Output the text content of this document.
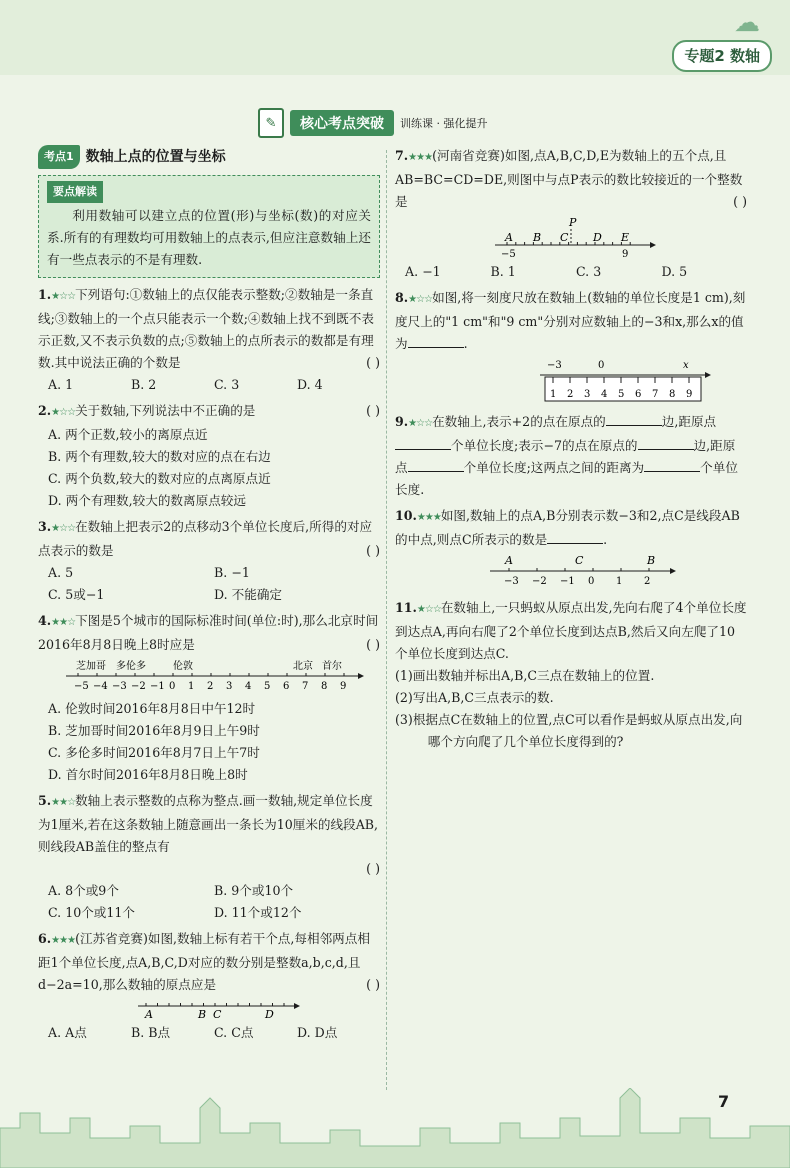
☁
专题2 数轴
✎	核心考点突破	训练课 · 强化提升
考点1 数轴上点的位置与坐标
要点解读
利用数轴可以建立点的位置(形)与坐标(数)的对应关系.所有的有理数均可用数轴上的点表示,但应注意数轴上还有一些点表示的不是有理数.
1.★☆☆下列语句:①数轴上的点仅能表示整数;②数轴是一条直线;③数轴上的一个点只能表示一个数;④数轴上找不到既不表示正数,又不表示负数的点;⑤数轴上的点所表示的数都是有理数.其中说法正确的个数是	( )
A. 1	B. 2	C. 3	D. 4
2.★☆☆关于数轴,下列说法中不正确的是	( )
A. 两个正数,较小的离原点近
B. 两个有理数,较大的数对应的点在右边
C. 两个负数,较大的数对应的点离原点近
D. 两个有理数,较大的数离原点较远
3.★☆☆在数轴上把表示2的点移动3个单位长度后,所得的对应点表示的数是	( )
A. 5	B. −1
C. 5或−1	D. 不能确定
4.★★☆下图是5个城市的国际标准时间(单位:时),那么北京时间2016年8月8日晚上8时应是	( )
芝加哥 多伦多	伦敦	北京 首尔
−5 −4 −3 −2 −1 0 1 2 3 4 5 6 7 8 9
A. 伦敦时间2016年8月8日中午12时
B. 芝加哥时间2016年8月9日上午9时
C. 多伦多时间2016年8月7日上午7时
D. 首尔时间2016年8月8日晚上8时
5.★★☆数轴上表示整数的点称为整点.画一数轴,规定单位长度为1厘米,若在这条数轴上随意画出一条长为10厘米的线段AB,则线段AB盖住的整点有
( )
A. 8个或9个	B. 9个或10个
C. 10个或11个	D. 11个或12个
6.★★★(江苏省竞赛)如图,数轴上标有若干个点,每相邻两点相距1个单位长度,点A,B,C,D对应的数分别是整数a,b,c,d,且d−2a=10,那么数轴的原点应是	( )
A	B C	D
A. A点	B. B点	C. C点	D. D点
7.★★★(河南省竞赛)如图,点A,B,C,D,E为数轴上的五个点,且AB=BC=CD=DE,则图中与点P表示的数比较接近的一个整数是	( )
P
A B C D E
−5	9
A. −1	B. 1	C. 3	D. 5
8.★☆☆如图,将一刻度尺放在数轴上(数轴的单位长度是1 cm),刻度尺上的"1 cm"和"9 cm"分别对应数轴上的−3和x,那么x的值为	.
−3	0	x
1 2 3 4 5 6 7 8 9
9.★☆☆在数轴上,表示+2的点在原点的	边,距原点个单位长度;表示−7的点在原点的	边,距原点	个单位长度;这两点之间的距离为	个单位长度.
10.★★★如图,数轴上的点A,B分别表示数−3和2,点C是线段AB的中点,则点C所表示的数是	.
A	C	B
−3 −2 −1 0 1 2
11.★☆☆在数轴上,一只蚂蚁从原点出发,先向右爬了4个单位长度到达点A,再向右爬了2个单位长度到达点B,然后又向左爬了10个单位长度到达点C.
(1)画出数轴并标出A,B,C三点在数轴上的位置.
(2)写出A,B,C三点表示的数.
(3)根据点C在数轴上的位置,点C可以看作是蚂蚁从原点出发,向哪个方向爬了几个单位长度得到的?
7
